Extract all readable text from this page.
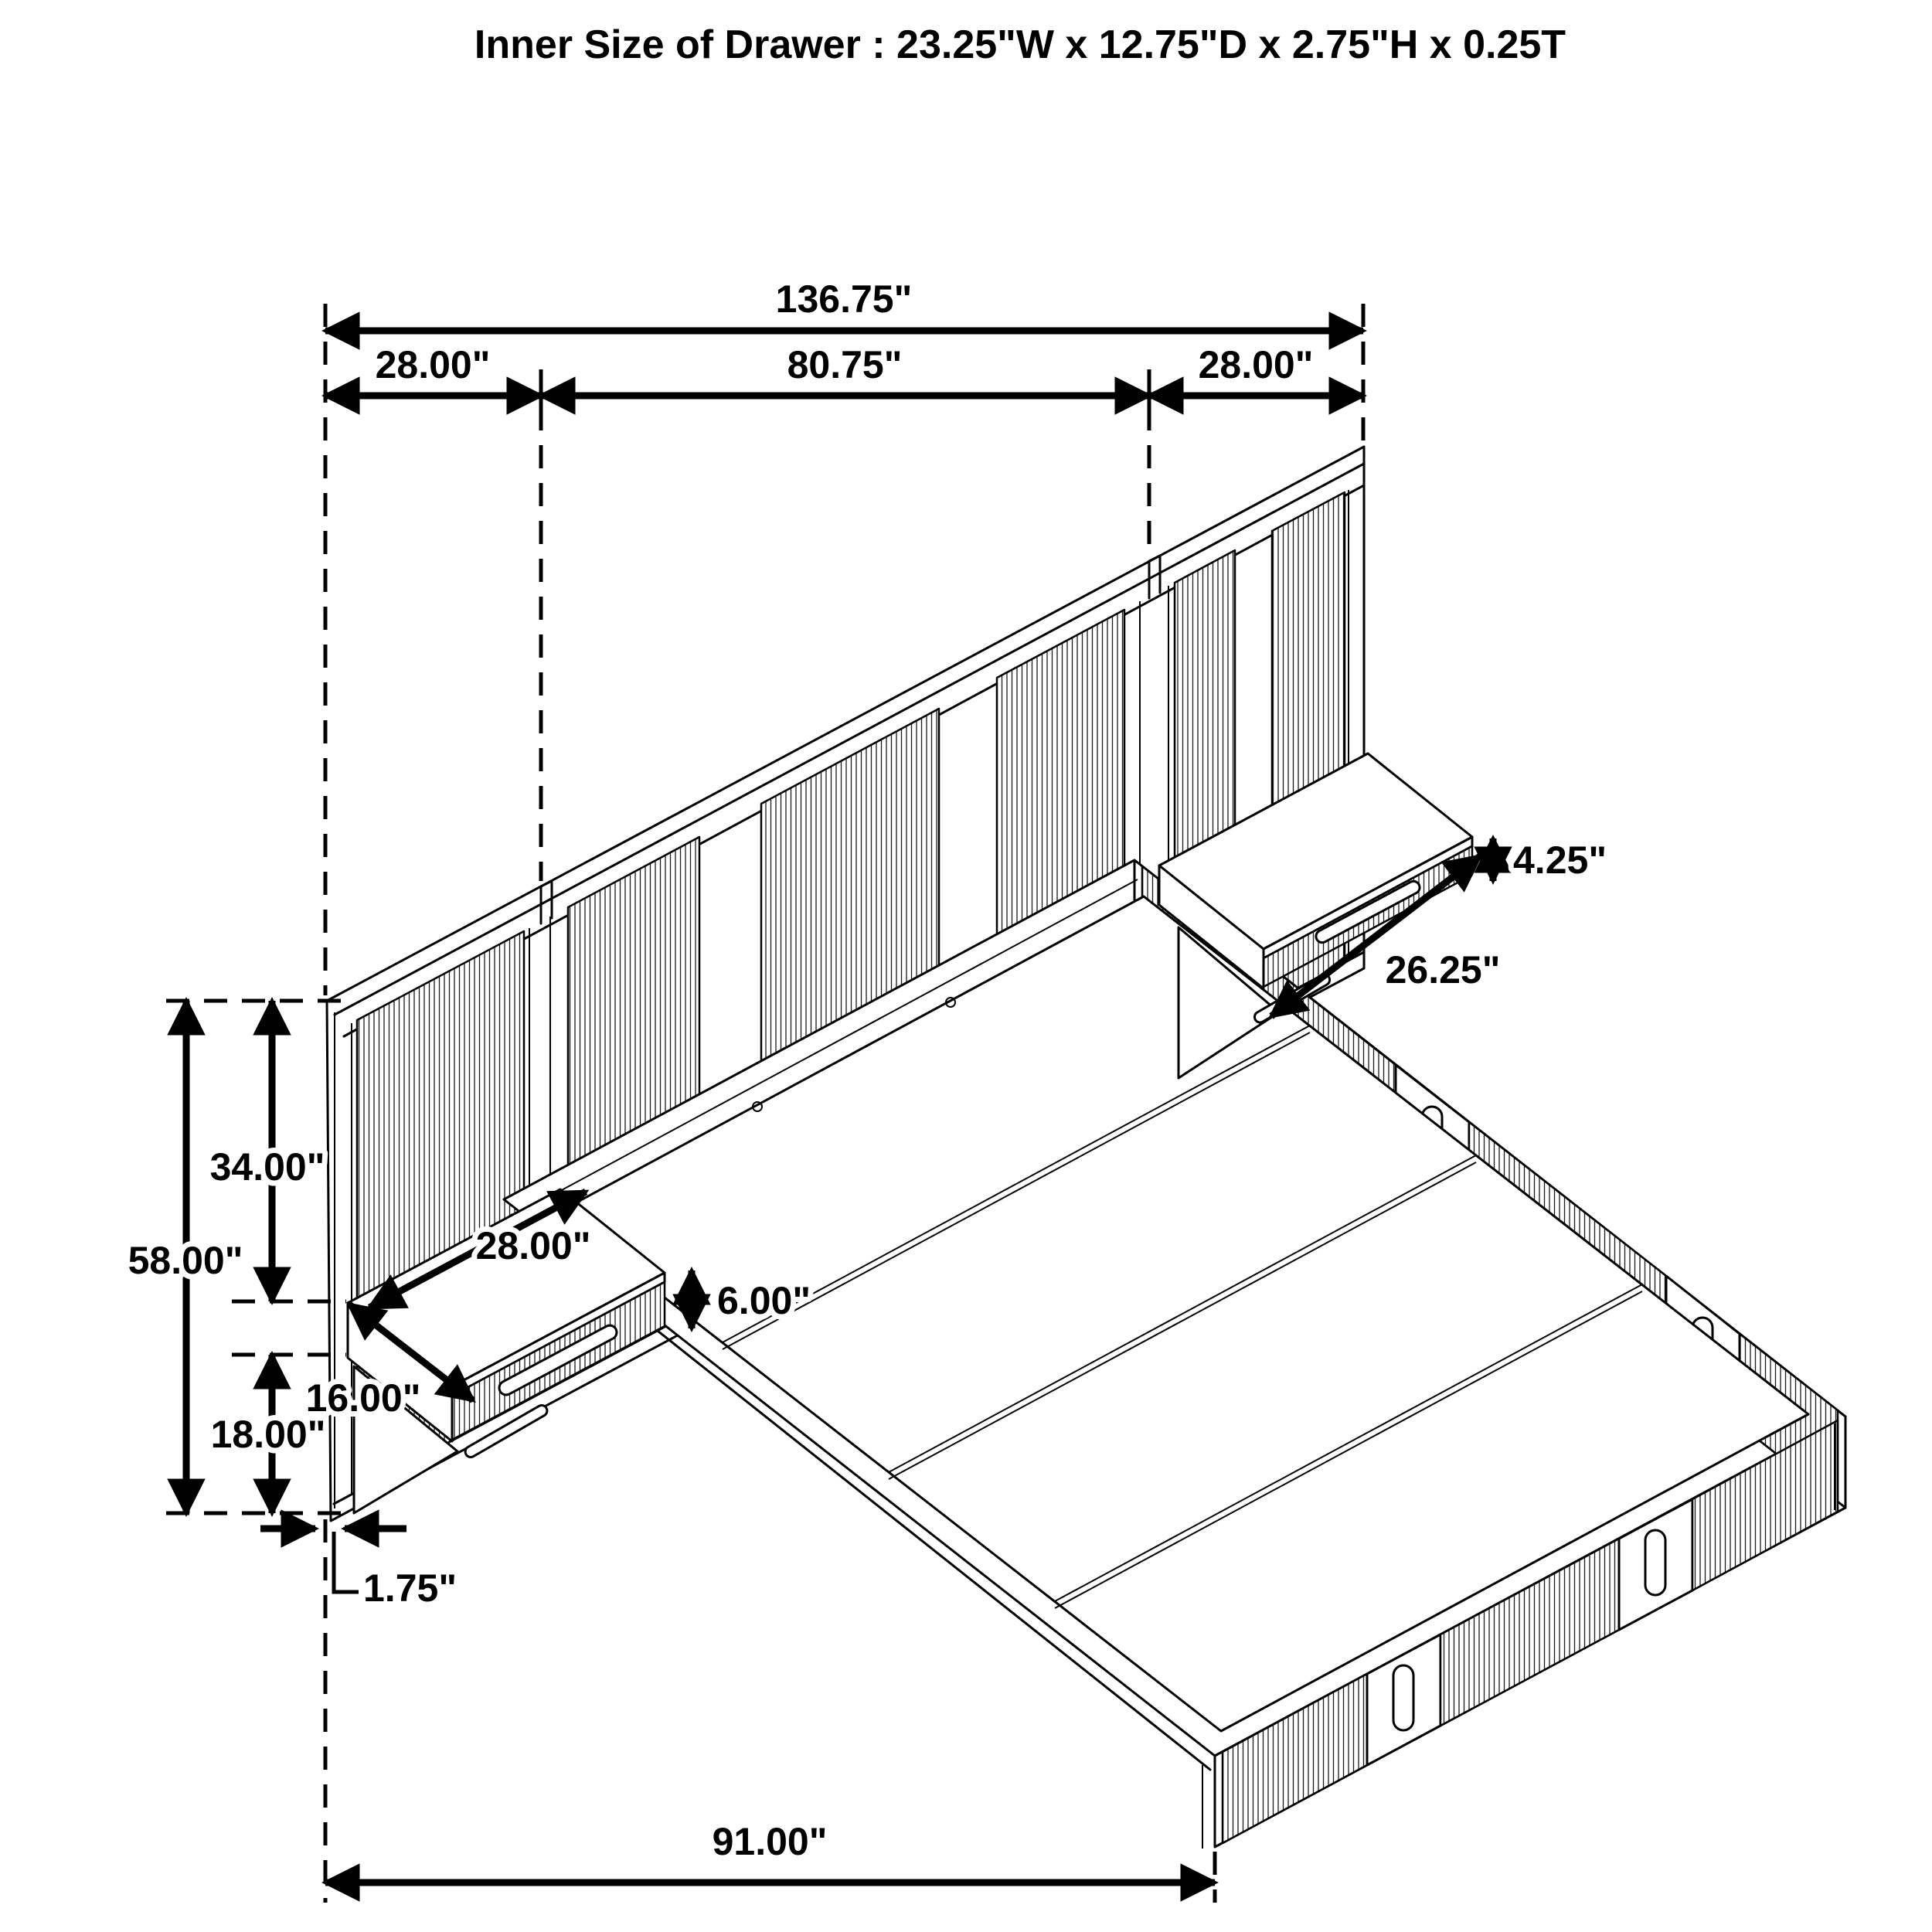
Inner Size of Drawer : 23.25"W x 12.75"D x 2.75"H x 0.25T
136.75"
28.00"	80.75"	28.00"
58.00"
34.00"
18.00"
16.00"
28.00"
6.00"
4.25"
26.25"
1.75"
91.00"
